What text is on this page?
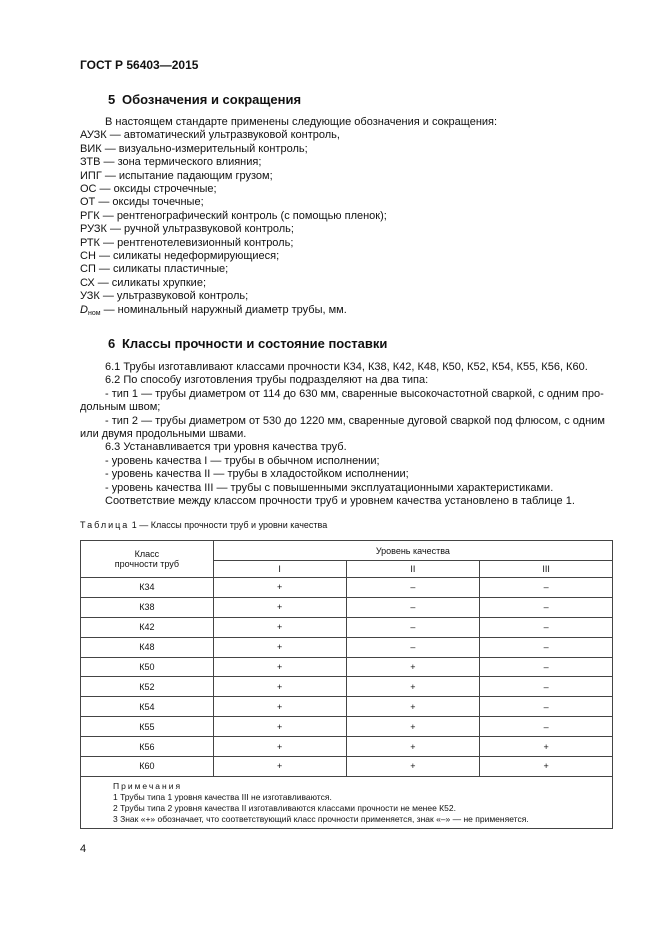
ГОСТ Р 56403—2015
5 Обозначения и сокращения
В настоящем стандарте применены следующие обозначения и сокращения:
АУЗК — автоматический ультразвуковой контроль,
ВИК — визуально-измерительный контроль;
ЗТВ — зона термического влияния;
ИПГ — испытание падающим грузом;
ОС — оксиды строчечные;
ОТ — оксиды точечные;
РГК — рентгенографический контроль (с помощью пленок);
РУЗК — ручной ультразвуковой контроль;
РТК — рентгенотелевизионный контроль;
СН — силикаты недеформирующиеся;
СП — силикаты пластичные;
СХ — силикаты хрупкие;
УЗК — ультразвуковой контроль;
$D_{ном}$ — номинальный наружный диаметр трубы, мм.
6 Классы прочности и состояние поставки
6.1 Трубы изготавливают классами прочности К34, К38, К42, К48, К50, К52, К54, К55, К56, К60.
6.2 По способу изготовления трубы подразделяют на два типа:
- тип 1 — трубы диаметром от 114 до 630 мм, сваренные высокочастотной сваркой, с одним про-
дольным швом;
- тип 2 — трубы диаметром от 530 до 1220 мм, сваренные дуговой сваркой под флюсом, с одним
или двумя продольными швами.
6.3 Устанавливается три уровня качества труб.
- уровень качества I — трубы в обычном исполнении;
- уровень качества II — трубы в хладостойком исполнении;
- уровень качества III — трубы с повышенными эксплуатационными характеристиками.
Соответствие между классом прочности труб и уровнем качества установлено в таблице 1.
Таблица 1 — Классы прочности труб и уровни качества
Класс
прочности труб	Уровень качества		
	I	II	III
К34	+	–	–
К38	+	–	–
К42	+	–	–
К48	+	–	–
К50	+	+	–
К52	+	+	–
К54	+	+	–
К55	+	+	–
К56	+	+	+
К60	+	+	+

Примечания
1 Трубы типа 1 уровня качества III не изготавливаются.
2 Трубы типа 2 уровня качества II изготавливаются классами прочности не менее К52.
3 Знак «+» обозначает, что соответствующий класс прочности применяется, знак «–» — не применяется.			
4
